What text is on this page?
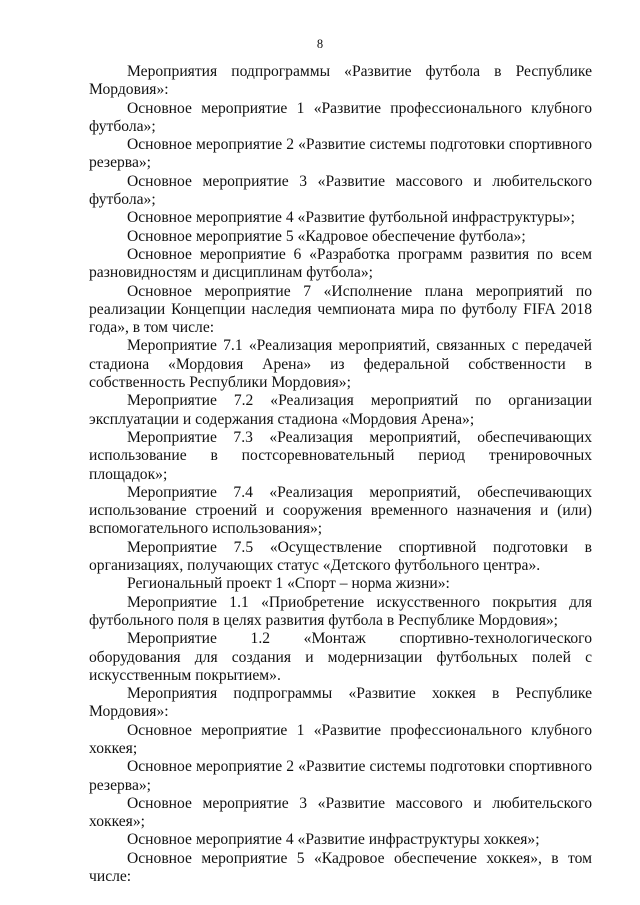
8

Мероприятия подпрограммы «Развитие футбола в Республике Мордовия»:

Основное мероприятие 1 «Развитие профессионального клубного футбола»;

Основное мероприятие 2 «Развитие системы подготовки спортивного резерва»;

Основное мероприятие 3 «Развитие массового и любительского футбола»;

Основное мероприятие 4 «Развитие футбольной инфраструктуры»;

Основное мероприятие 5 «Кадровое обеспечение футбола»;

Основное мероприятие 6 «Разработка программ развития по всем разновидностям и дисциплинам футбола»;

Основное мероприятие 7 «Исполнение плана мероприятий по реализации Концепции наследия чемпионата мира по футболу FIFA 2018 года», в том числе:

Мероприятие 7.1 «Реализация мероприятий, связанных с передачей стадиона «Мордовия Арена» из федеральной собственности в собственность Республики Мордовия»;

Мероприятие 7.2 «Реализация мероприятий по организации эксплуатации и содержания стадиона «Мордовия Арена»;

Мероприятие 7.3 «Реализация мероприятий, обеспечивающих использование в постсоревновательный период тренировочных площадок»;

Мероприятие 7.4 «Реализация мероприятий, обеспечивающих использование строений и сооружения временного назначения и (или) вспомогательного использования»;

Мероприятие 7.5 «Осуществление спортивной подготовки в организациях, получающих статус «Детского футбольного центра».

Региональный проект 1 «Спорт – норма жизни»:

Мероприятие 1.1 «Приобретение искусственного покрытия для футбольного поля в целях развития футбола в Республике Мордовия»;

Мероприятие 1.2 «Монтаж спортивно-технологического оборудования для создания и модернизации футбольных полей с искусственным покрытием».

Мероприятия подпрограммы «Развитие хоккея в Республике Мордовия»:

Основное мероприятие 1 «Развитие профессионального клубного хоккея;

Основное мероприятие 2 «Развитие системы подготовки спортивного резерва»;

Основное мероприятие 3 «Развитие массового и любительского хоккея»;

Основное мероприятие 4 «Развитие инфраструктуры хоккея»;

Основное мероприятие 5 «Кадровое обеспечение хоккея», в том числе:
